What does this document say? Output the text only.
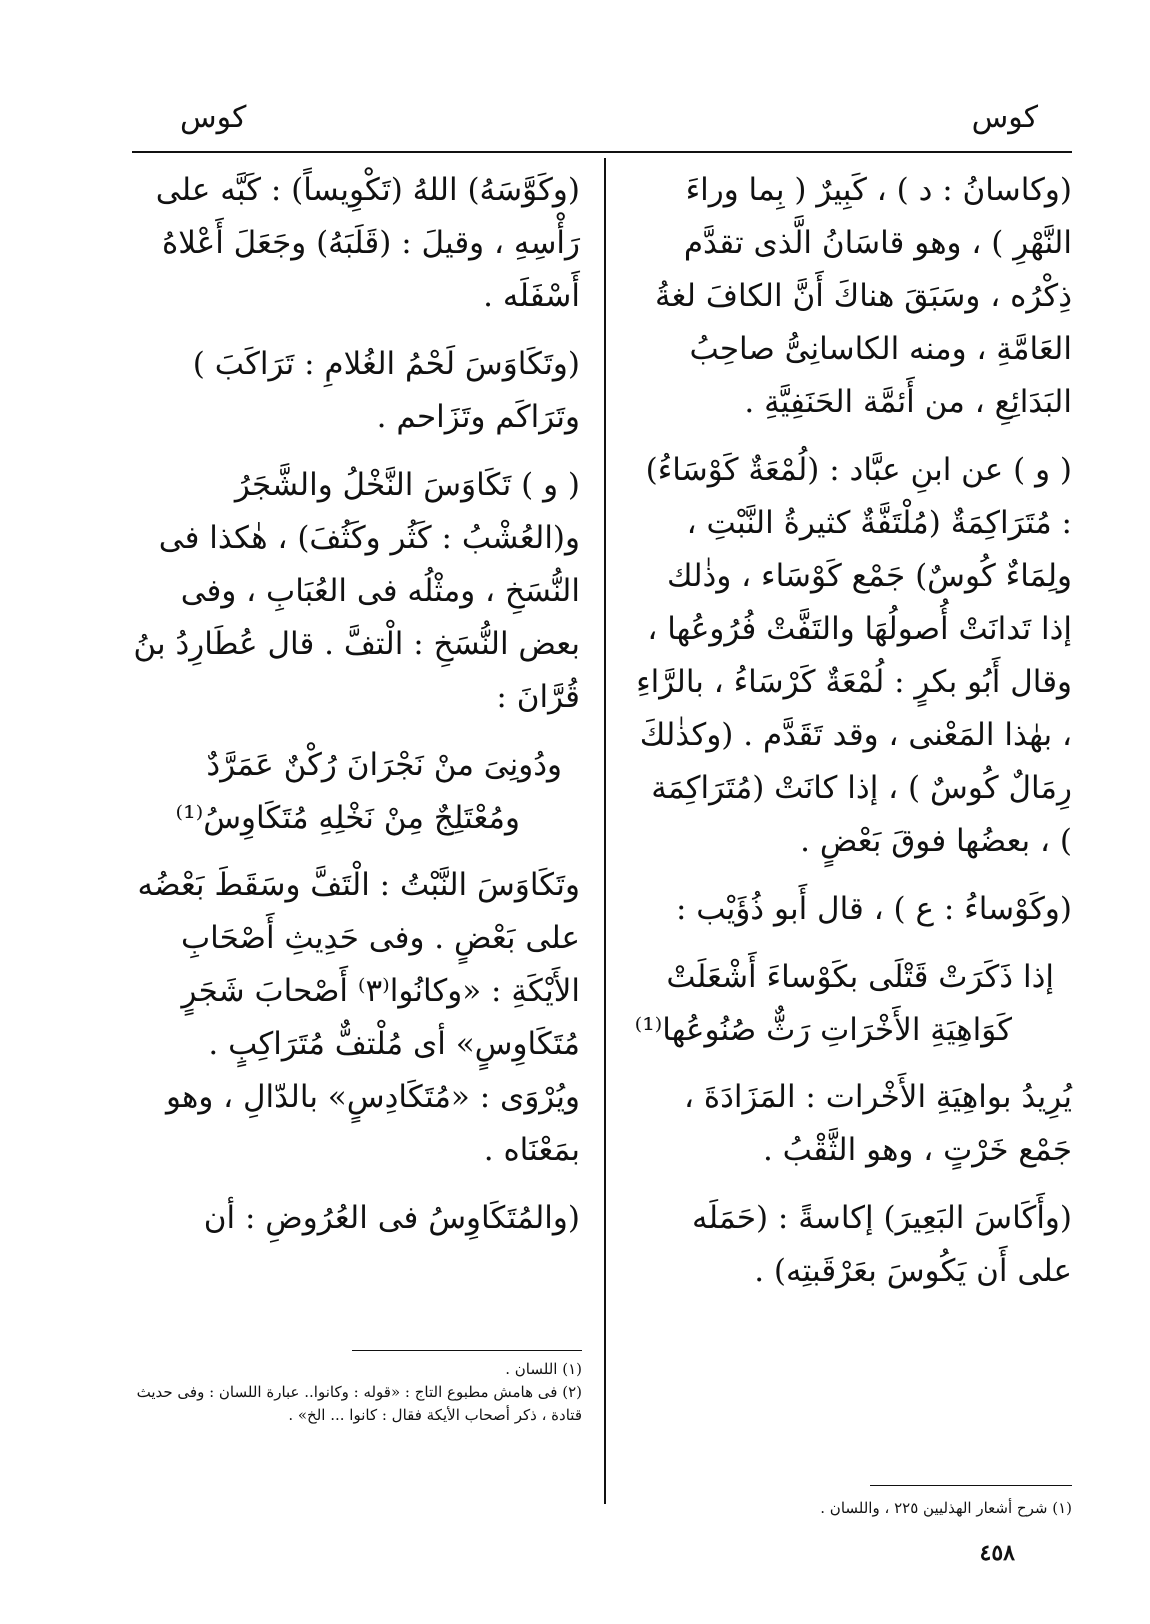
كوس
كوس

(وكاسانُ : د ) ، كَبِيرٌ ( بِما وراءَ النَّهْرِ ) ، وهو قاسَانُ الَّذى تقدَّم ذِكْرُه ، وسَبَقَ هناكَ أَنَّ الكافَ لغةُ العَامَّةِ ، ومنه الكاسانِىُّ صاحِبُ البَدَائِعِ ، من أَئمَّة الحَنَفِيَّةِ .

( و ) عن ابنِ عبَّاد : (لُمْعَةٌ كَوْسَاءُ) : مُتَرَاكِمَةٌ (مُلْتَفَّةٌ كثيرةُ النَّبْتِ ، ولِمَاءٌ كُوسٌ) جَمْع كَوْسَاء ، وذٰلك إذا تَدانَتْ أُصولُهَا والتَفَّتْ فُرُوعُها ، وقال أَبُو بكرٍ : لُمْعَةٌ كَرْسَاءُ ، بالرَّاءِ ، بهٰذا المَعْنى ، وقد تَقَدَّم . (وكذٰلكَ رِمَالٌ كُوسٌ ) ، إذا كانَتْ (مُتَرَاكِمَة ) ، بعضُها فوقَ بَعْضٍ .

(وكَوْساءُ : ع ) ، قال أَبو ذُؤَيْب :

إذا ذَكَرَتْ قَتْلَى بكَوْساءَ أَشْعَلَتْ
كَوَاهِيَةِ الأَخْرَاتِ رَثٌّ صُنُوعُها⁽¹⁾

يُرِيدُ بواهِيَةِ الأَخْرات : المَزَادَةَ ، جَمْع خَرْتٍ ، وهو الثَّقْبُ .

(وأَكَاسَ البَعِيرَ) إكاسةً : (حَمَلَه على أَن يَكُوسَ بعَرْقَبتِه) .

(وكَوَّسَهُ) اللهُ (تَكْوِيساً) : كَبَّه على رَأْسِهِ ، وقيلَ : (قَلَبَهُ) وجَعَلَ أَعْلاهُ أَسْفَلَه .

(وتَكَاوَسَ لَحْمُ الغُلامِ : تَرَاكَبَ ) وتَرَاكَم وتَزَاحم .

( و ) تَكَاوَسَ النَّخْلُ والشَّجَرُ و(العُشْبُ : كَثُر وكَثُفَ) ، هٰكذا فى النُّسَخِ ، ومثْلُه فى العُبَابِ ، وفى بعض النُّسَخِ : الْتفَّ . قال عُطَارِدُ بنُ قُرَّانَ :

ودُونِىَ منْ نَجْرَانَ رُكْنٌ عَمَرَّدٌ
ومُعْتَلِجٌ مِنْ نَخْلِهِ مُتَكَاوِسُ⁽¹⁾

وتَكَاوَسَ النَّبْتُ : الْتَفَّ وسَقَطَ بَعْضُه على بَعْضٍ . وفى حَدِيثِ أَصْحَابِ الأَيْكَةِ : «وكانُوا⁽٣⁾ أَصْحابَ شَجَرٍ مُتَكَاوِسٍ» أى مُلْتفٌّ مُتَرَاكِبٍ . ويُرْوَى : «مُتَكَادِسٍ» بالدّالِ ، وهو بمَعْنَاه .

(والمُتَكَاوِسُ فى العُرُوضِ : أن

(١) شرح أشعار الهذليين ٢٢٥ ، واللسان .

(١) اللسان .

(٢) فى هامش مطبوع التاج : «قوله : وكانوا.. عبارة اللسان : وفى حديث قتادة ، ذكر أصحاب الأيكة فقال : كانوا ... الخ» .

٤٥٨
